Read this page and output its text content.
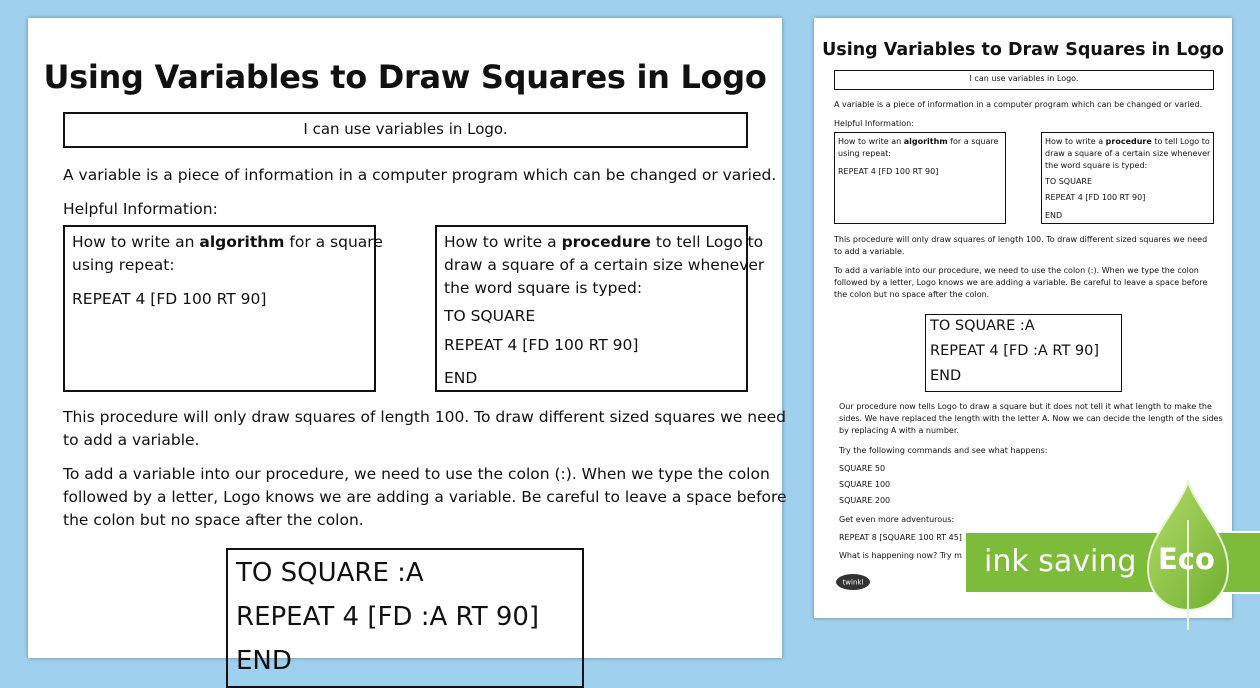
Using Variables to Draw Squares in Logo
I can use variables in Logo.
A variable is a piece of information in a computer program which can be changed or varied.
Helpful Information:
How to write an algorithm for a square
using repeat:
REPEAT 4 [FD 100 RT 90]
How to write a procedure to tell Logo to
draw a square of a certain size whenever
the word square is typed:
TO SQUARE
REPEAT 4 [FD 100 RT 90]
END
This procedure will only draw squares of length 100. To draw different sized squares we need
to add a variable.
To add a variable into our procedure, we need to use the colon (:). When we type the colon
followed by a letter, Logo knows we are adding a variable. Be careful to leave a space before
the colon but no space after the colon.
TO SQUARE :A
REPEAT 4 [FD :A RT 90]
END
Using Variables to Draw Squares in Logo
I can use variables in Logo.
A variable is a piece of information in a computer program which can be changed or varied.
Helpful Information:
How to write an algorithm for a square
using repeat:
REPEAT 4 [FD 100 RT 90]
How to write a procedure to tell Logo to
draw a square of a certain size whenever
the word square is typed:
TO SQUARE
REPEAT 4 [FD 100 RT 90]
END
This procedure will only draw squares of length 100. To draw different sized squares we need
to add a variable.
To add a variable into our procedure, we need to use the colon (:). When we type the colon
followed by a letter, Logo knows we are adding a variable. Be careful to leave a space before
the colon but no space after the colon.
TO SQUARE :A
REPEAT 4 [FD :A RT 90]
END
Our procedure now tells Logo to draw a square but it does not tell it what length to make the
sides. We have replaced the length with the letter A. Now we can decide the length of the sides
by replacing A with a number.
Try the following commands and see what happens:
SQUARE 50
SQUARE 100
SQUARE 200
Get even more adventurous:
REPEAT 8 [SQUARE 100 RT 45]
What is happening now? Try m
twinkl
ink saving Eco
